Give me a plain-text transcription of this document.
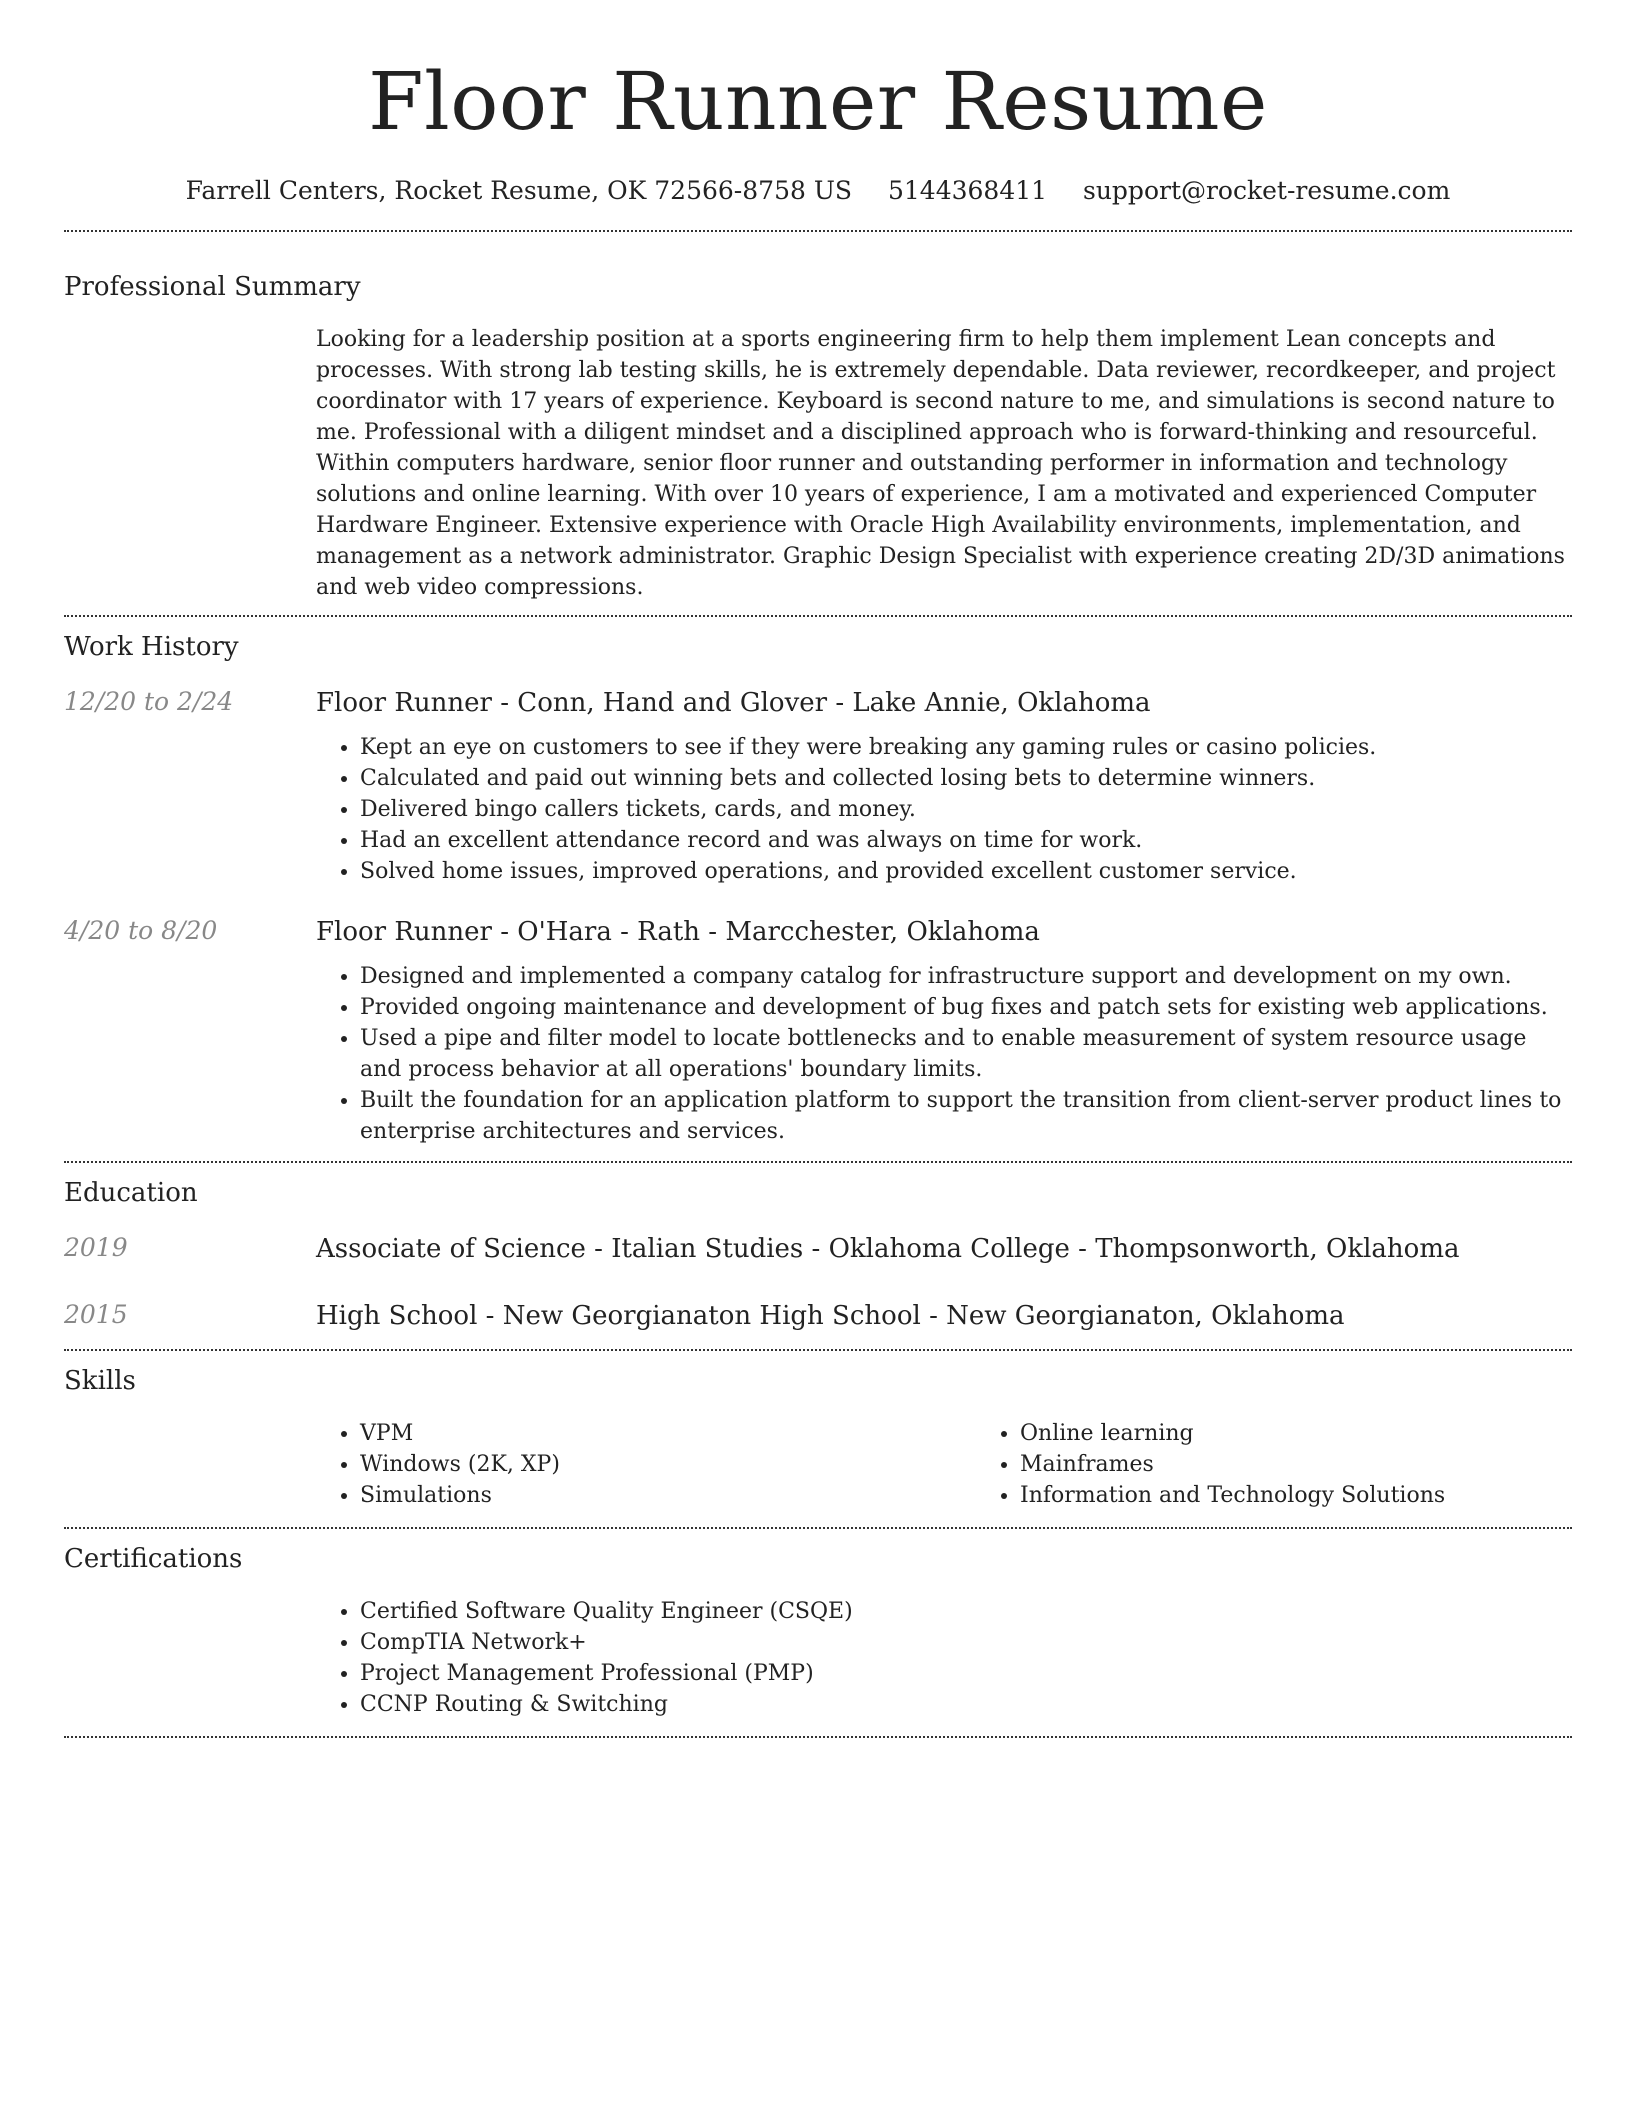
Floor Runner Resume
Farrell Centers, Rocket Resume, OK 72566-8758 US 5144368411 support@rocket-resume.com
Professional Summary

Looking for a leadership position at a sports engineering firm to help them implement Lean concepts and processes. With strong lab testing skills, he is extremely dependable. Data reviewer, recordkeeper, and project coordinator with 17 years of experience. Keyboard is second nature to me, and simulations is second nature to me. Professional with a diligent mindset and a disciplined approach who is forward-thinking and resourceful. Within computers hardware, senior floor runner and outstanding performer in information and technology solutions and online learning. With over 10 years of experience, I am a motivated and experienced Computer Hardware Engineer. Extensive experience with Oracle High Availability environments, implementation, and management as a network administrator. Graphic Design Specialist with experience creating 2D/3D animations and web video compressions.

Work History
12/20 to 2/24	Floor Runner - Conn, Hand and Glover - Lake Annie, Oklahoma
• Kept an eye on customers to see if they were breaking any gaming rules or casino policies.
• Calculated and paid out winning bets and collected losing bets to determine winners.
• Delivered bingo callers tickets, cards, and money.
• Had an excellent attendance record and was always on time for work.
• Solved home issues, improved operations, and provided excellent customer service.
4/20 to 8/20	Floor Runner - O'Hara - Rath - Marcchester, Oklahoma
• Designed and implemented a company catalog for infrastructure support and development on my own.
• Provided ongoing maintenance and development of bug fixes and patch sets for existing web applications.
• Used a pipe and filter model to locate bottlenecks and to enable measurement of system resource usage and process behavior at all operations' boundary limits.
• Built the foundation for an application platform to support the transition from client-server product lines to enterprise architectures and services.
Education
2019	Associate of Science - Italian Studies - Oklahoma College - Thompsonworth, Oklahoma
2015	High School - New Georgianaton High School - New Georgianaton, Oklahoma
Skills
• VPM
• Windows (2K, XP)
• Simulations
• Online learning
• Mainframes
• Information and Technology Solutions
Certifications
• Certified Software Quality Engineer (CSQE)
• CompTIA Network+
• Project Management Professional (PMP)
• CCNP Routing & Switching
